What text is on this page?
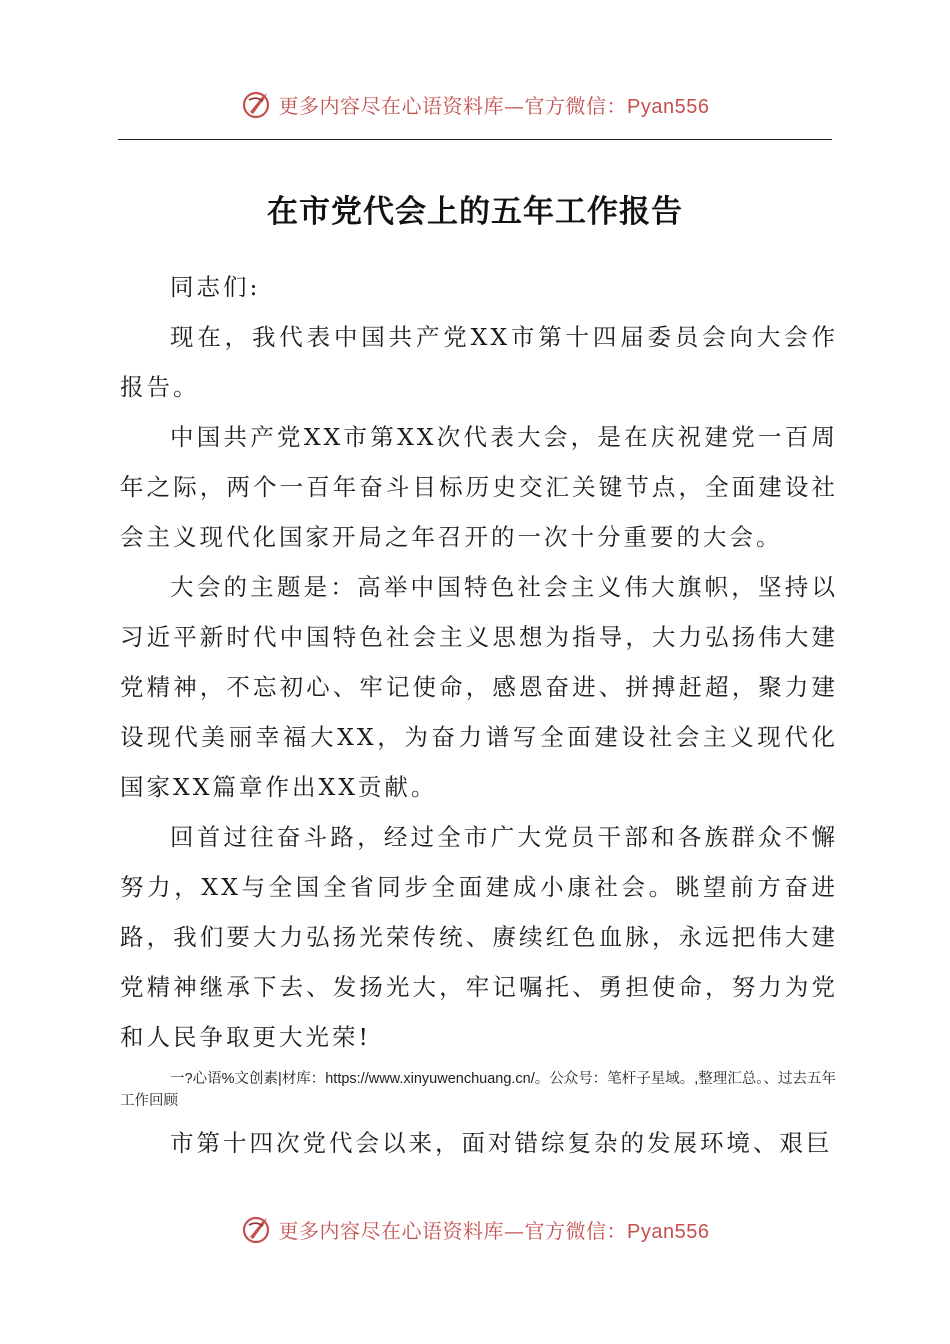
更多内容尽在心语资料库—官方微信：Pyan556
在市党代会上的五年工作报告

同志们:

现在，我代表中国共产党XX市第十四届委员会向大会作报告。

中国共产党XX市第XX次代表大会，是在庆祝建党一百周年之际，两个一百年奋斗目标历史交汇关键节点，全面建设社会主义现代化国家开局之年召开的一次十分重要的大会。

大会的主题是：高举中国特色社会主义伟大旗帜，坚持以习近平新时代中国特色社会主义思想为指导，大力弘扬伟大建党精神，不忘初心、牢记使命，感恩奋进、拼搏赶超，聚力建设现代美丽幸福大XX，为奋力谱写全面建设社会主义现代化国家XX篇章作出XX贡献。

回首过往奋斗路，经过全市广大党员干部和各族群众不懈努力，XX与全国全省同步全面建成小康社会。眺望前方奋进路，我们要大力弘扬光荣传统、赓续红色血脉，永远把伟大建党精神继承下去、发扬光大，牢记嘱托、勇担使命，努力为党和人民争取更大光荣!

一?心语%文创素|材库：https://www.xinyuwenchuang.cn/。公众号：笔杆子星域。,整理汇总。、过去五年工作回顾

市第十四次党代会以来，面对错综复杂的发展环境、艰巨

更多内容尽在心语资料库—官方微信：Pyan556
